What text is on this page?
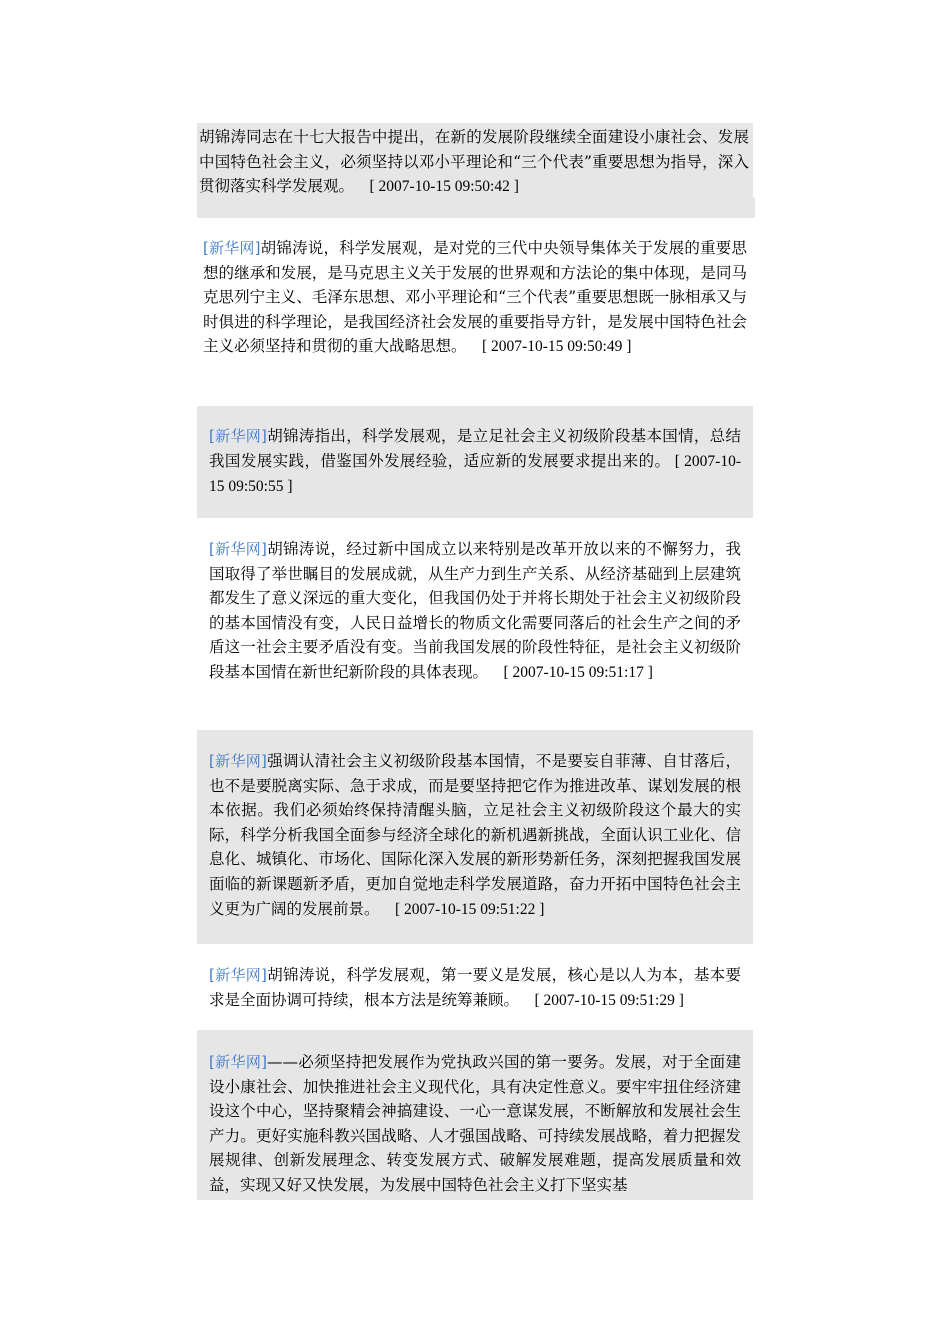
胡锦涛同志在十七大报告中提出，在新的发展阶段继续全面建设小康社会、发展中国特色社会主义，必须坚持以邓小平理论和“三个代表”重要思想为指导，深入贯彻落实科学发展观。 [ 2007-10-15 09:50:42 ]
[新华网]胡锦涛说，科学发展观，是对党的三代中央领导集体关于发展的重要思想的继承和发展，是马克思主义关于发展的世界观和方法论的集中体现，是同马克思列宁主义、毛泽东思想、邓小平理论和“三个代表”重要思想既一脉相承又与时俱进的科学理论，是我国经济社会发展的重要指导方针，是发展中国特色社会主义必须坚持和贯彻的重大战略思想。 [ 2007-10-15 09:50:49 ]
[新华网]胡锦涛指出，科学发展观，是立足社会主义初级阶段基本国情，总结我国发展实践，借鉴国外发展经验，适应新的发展要求提出来的。 [ 2007-10-15 09:50:55 ]
[新华网]胡锦涛说，经过新中国成立以来特别是改革开放以来的不懈努力，我国取得了举世瞩目的发展成就，从生产力到生产关系、从经济基础到上层建筑都发生了意义深远的重大变化，但我国仍处于并将长期处于社会主义初级阶段的基本国情没有变，人民日益增长的物质文化需要同落后的社会生产之间的矛盾这一社会主要矛盾没有变。当前我国发展的阶段性特征，是社会主义初级阶段基本国情在新世纪新阶段的具体表现。 [ 2007-10-15 09:51:17 ]
[新华网]强调认清社会主义初级阶段基本国情，不是要妄自菲薄、自甘落后，也不是要脱离实际、急于求成，而是要坚持把它作为推进改革、谋划发展的根本依据。我们必须始终保持清醒头脑，立足社会主义初级阶段这个最大的实际，科学分析我国全面参与经济全球化的新机遇新挑战，全面认识工业化、信息化、城镇化、市场化、国际化深入发展的新形势新任务，深刻把握我国发展面临的新课题新矛盾，更加自觉地走科学发展道路，奋力开拓中国特色社会主义更为广阔的发展前景。 [ 2007-10-15 09:51:22 ]
[新华网]胡锦涛说，科学发展观，第一要义是发展，核心是以人为本，基本要求是全面协调可持续，根本方法是统筹兼顾。 [ 2007-10-15 09:51:29 ]
[新华网]——必须坚持把发展作为党执政兴国的第一要务。发展，对于全面建设小康社会、加快推进社会主义现代化，具有决定性意义。要牢牢扭住经济建设这个中心，坚持聚精会神搞建设、一心一意谋发展，不断解放和发展社会生产力。更好实施科教兴国战略、人才强国战略、可持续发展战略，着力把握发展规律、创新发展理念、转变发展方式、破解发展难题，提高发展质量和效益，实现又好又快发展，为发展中国特色社会主义打下坚实基
